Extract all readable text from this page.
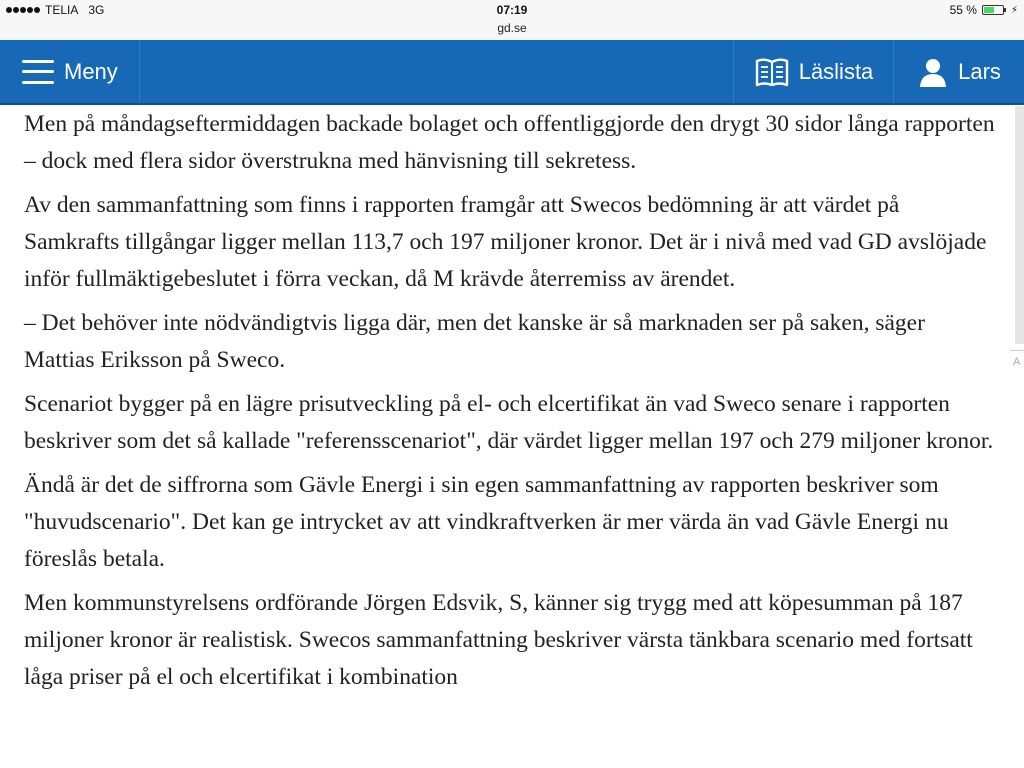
TELIA 3G	07:19
gd.se
55 %	⚡︎
Meny	Läslista	Lars

Men på måndagseftermiddagen backade bolaget och offentliggjorde den drygt 30 sidor långa rapporten – dock med flera sidor överstrukna med hänvisning till sekretess.

Av den sammanfattning som finns i rapporten framgår att Swecos bedömning är att värdet på Samkrafts tillgångar ligger mellan 113,7 och 197 miljoner kronor. Det är i nivå med vad GD avslöjade inför fullmäktigebeslutet i förra veckan, då M krävde återremiss av ärendet.

– Det behöver inte nödvändigtvis ligga där, men det kanske är så marknaden ser på saken, säger Mattias Eriksson på Sweco.

Scenariot bygger på en lägre prisutveckling på el- och elcertifikat än vad Sweco senare i rapporten beskriver som det så kallade "referensscenariot", där värdet ligger mellan 197 och 279 miljoner kronor.

Ändå är det de siffrorna som Gävle Energi i sin egen sammanfattning av rapporten beskriver som "huvudscenario". Det kan ge intrycket av att vindkraftverken är mer värda än vad Gävle Energi nu föreslås betala.

Men kommunstyrelsens ordförande Jörgen Edsvik, S, känner sig trygg med att köpesumman på 187 miljoner kronor är realistisk. Swecos sammanfattning beskriver värsta tänkbara scenario med fortsatt låga priser på el och elcertifikat i kombination

A
